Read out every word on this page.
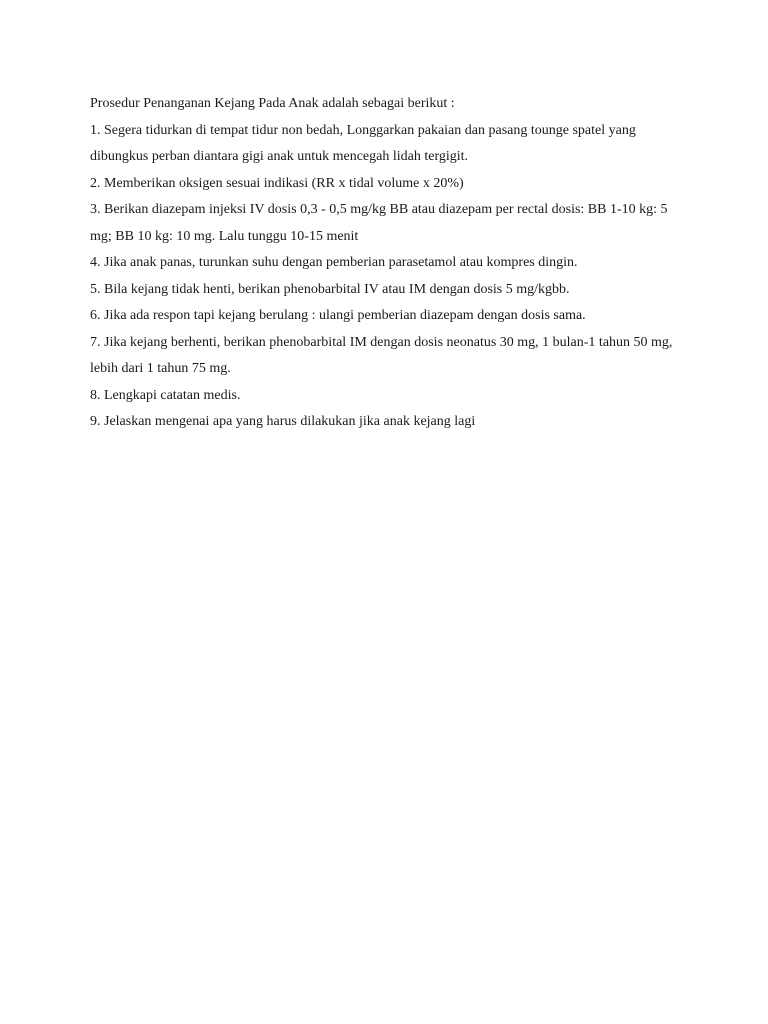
Prosedur Penanganan Kejang Pada Anak adalah sebagai berikut :

1. Segera tidurkan di tempat tidur non bedah, Longgarkan pakaian dan pasang tounge spatel yang dibungkus perban diantara gigi anak untuk mencegah lidah tergigit.

2. Memberikan oksigen sesuai indikasi (RR x tidal volume x 20%)

3. Berikan diazepam injeksi IV dosis 0,3 - 0,5 mg/kg BB atau diazepam per rectal dosis: BB 1-10 kg: 5 mg; BB 10 kg: 10 mg. Lalu tunggu 10-15 menit

4. Jika anak panas, turunkan suhu dengan pemberian parasetamol atau kompres dingin.

5. Bila kejang tidak henti, berikan phenobarbital IV atau IM dengan dosis 5 mg/kgbb.

6. Jika ada respon tapi kejang berulang : ulangi pemberian diazepam dengan dosis sama.

7. Jika kejang berhenti, berikan phenobarbital IM dengan dosis neonatus 30 mg, 1 bulan-1 tahun 50 mg, lebih dari 1 tahun 75 mg.

8. Lengkapi catatan medis.

9. Jelaskan mengenai apa yang harus dilakukan jika anak kejang lagi
